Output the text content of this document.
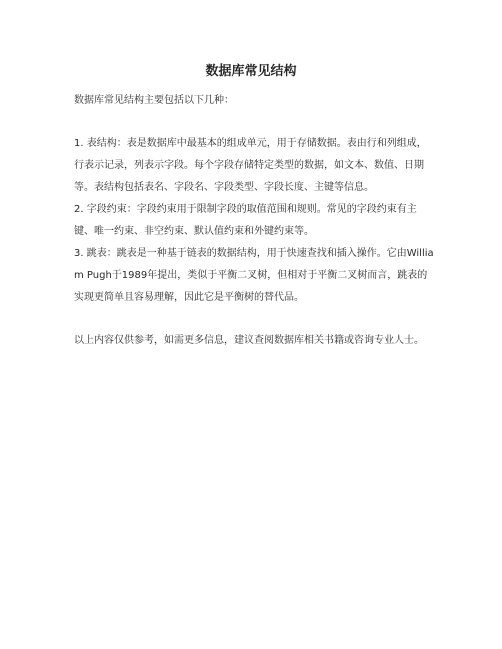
数据库常见结构

数据库常见结构主要包括以下几种：

1. 表结构：表是数据库中最基本的组成单元，用于存储数据。表由行和列组成，行表示记录，列表示字段。每个字段存储特定类型的数据，如文本、数值、日期等。表结构包括表名、字段名、字段类型、字段长度、主键等信息。

2. 字段约束：字段约束用于限制字段的取值范围和规则。常见的字段约束有主键、唯一约束、非空约束、默认值约束和外键约束等。

3. 跳表：跳表是一种基于链表的数据结构，用于快速查找和插入操作。它由William Pugh于1989年提出，类似于平衡二叉树，但相对于平衡二叉树而言，跳表的实现更简单且容易理解，因此它是平衡树的替代品。

以上内容仅供参考，如需更多信息，建议查阅数据库相关书籍或咨询专业人士。
